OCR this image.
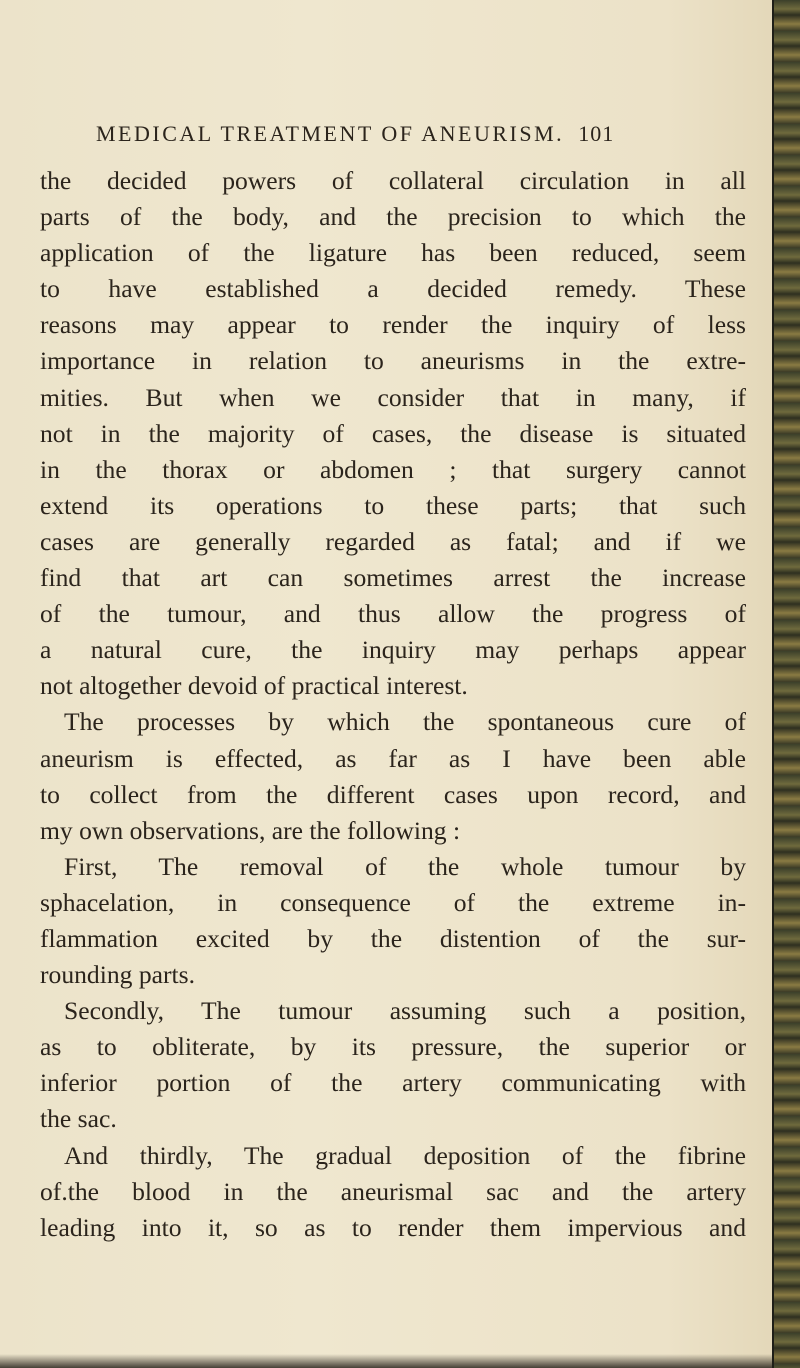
MEDICAL TREATMENT OF ANEURISM. 101
the decided powers of collateral circulation in all
parts of the body, and the precision to which the
application of the ligature has been reduced, seem
to have established a decided remedy. These
reasons may appear to render the inquiry of less
importance in relation to aneurisms in the extre-
mities. But when we consider that in many, if
not in the majority of cases, the disease is situated
in the thorax or abdomen ; that surgery cannot
extend its operations to these parts; that such
cases are generally regarded as fatal; and if we
find that art can sometimes arrest the increase
of the tumour, and thus allow the progress of
a natural cure, the inquiry may perhaps appear
not altogether devoid of practical interest.
The processes by which the spontaneous cure of
aneurism is effected, as far as I have been able
to collect from the different cases upon record, and
my own observations, are the following :
First, The removal of the whole tumour by
sphacelation, in consequence of the extreme in-
flammation excited by the distention of the sur-
rounding parts.
Secondly, The tumour assuming such a position,
as to obliterate, by its pressure, the superior or
inferior portion of the artery communicating with
the sac.
And thirdly, The gradual deposition of the fibrine
of.the blood in the aneurismal sac and the artery
leading into it, so as to render them impervious and
